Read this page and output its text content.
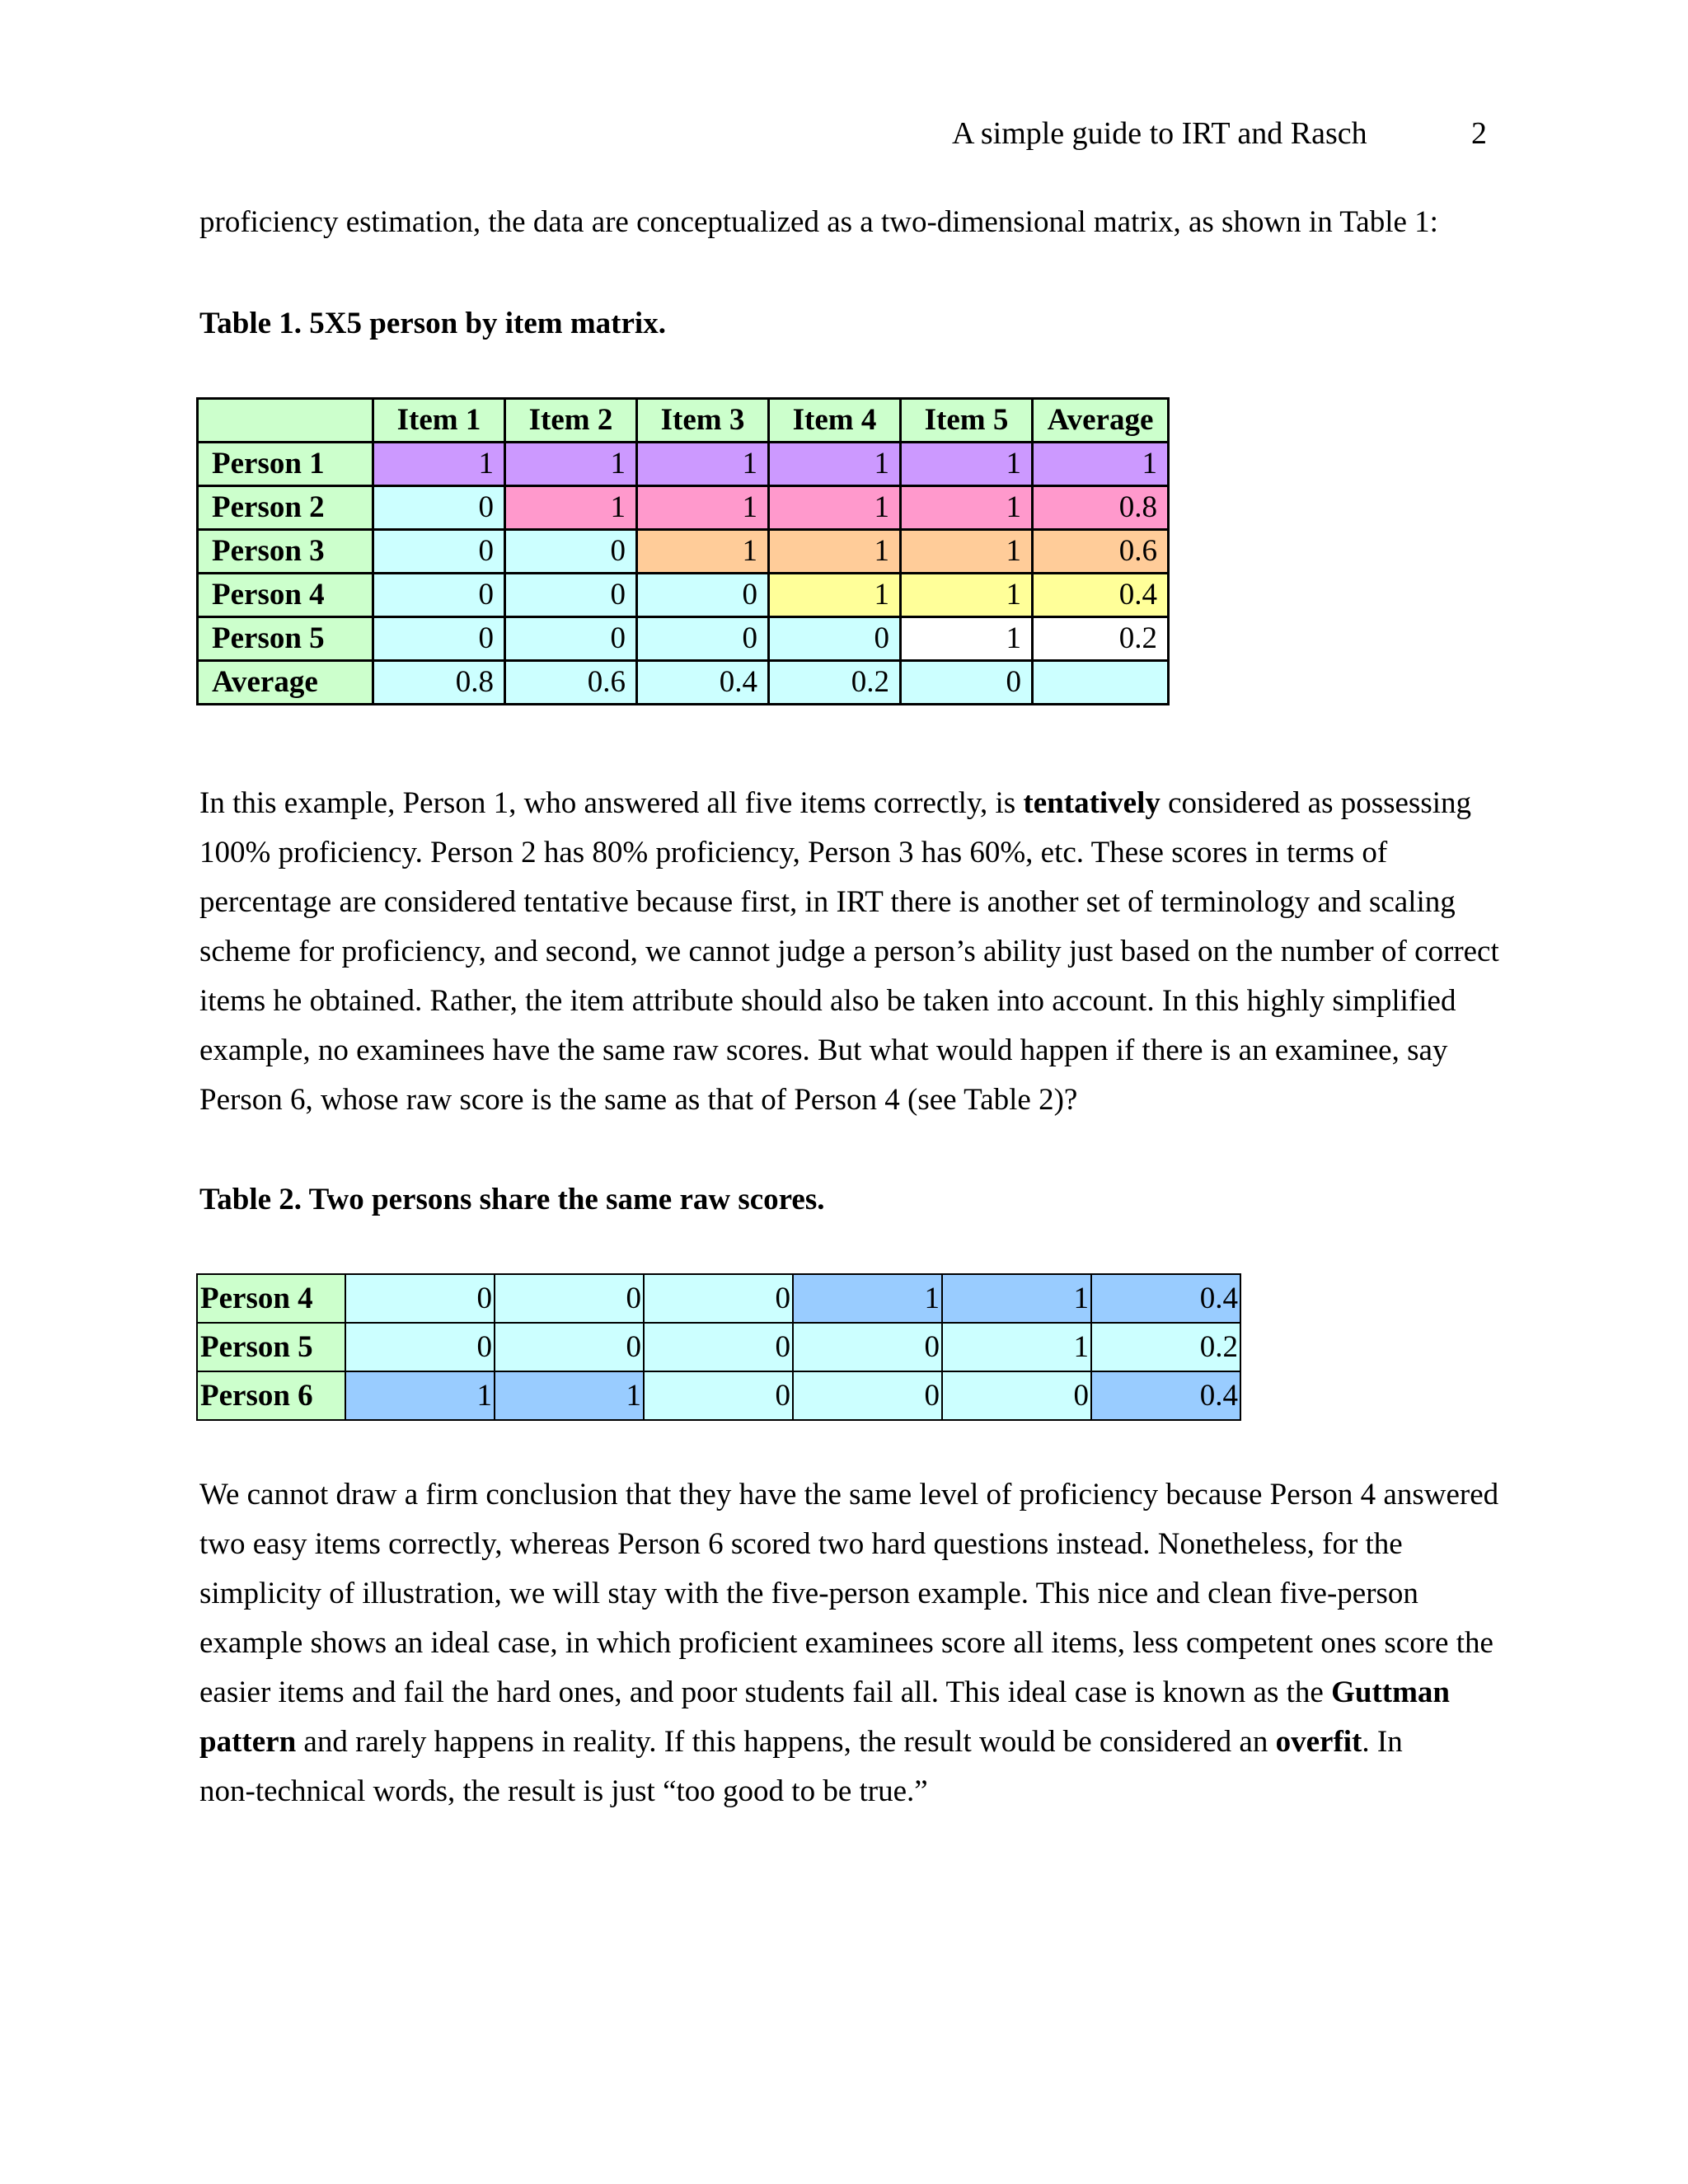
A simple guide to IRT and Rasch	2
proficiency estimation, the data are conceptualized as a two-dimensional matrix, as shown in Table 1:
Table 1. 5X5 person by item matrix.
	Item 1	Item 2	Item 3	Item 4	Item 5	Average
Person 1	1	1	1	1	1	1
Person 2	0	1	1	1	1	0.8
Person 3	0	0	1	1	1	0.6
Person 4	0	0	0	1	1	0.4
Person 5	0	0	0	0	1	0.2
Average	0.8	0.6	0.4	0.2	0	
In this example, Person 1, who answered all five items correctly, is tentatively considered as possessing
100% proficiency. Person 2 has 80% proficiency, Person 3 has 60%, etc. These scores in terms of
percentage are considered tentative because first, in IRT there is another set of terminology and scaling
scheme for proficiency, and second, we cannot judge a person’s ability just based on the number of correct
items he obtained. Rather, the item attribute should also be taken into account. In this highly simplified
example, no examinees have the same raw scores. But what would happen if there is an examinee, say
Person 6, whose raw score is the same as that of Person 4 (see Table 2)?
Table 2. Two persons share the same raw scores.
Person 4	0	0	0	1	1	0.4
Person 5	0	0	0	0	1	0.2
Person 6	1	1	0	0	0	0.4
We cannot draw a firm conclusion that they have the same level of proficiency because Person 4 answered
two easy items correctly, whereas Person 6 scored two hard questions instead. Nonetheless, for the
simplicity of illustration, we will stay with the five-person example. This nice and clean five-person
example shows an ideal case, in which proficient examinees score all items, less competent ones score the
easier items and fail the hard ones, and poor students fail all. This ideal case is known as the Guttman
pattern and rarely happens in reality. If this happens, the result would be considered an overfit. In
non-technical words, the result is just “too good to be true.”
